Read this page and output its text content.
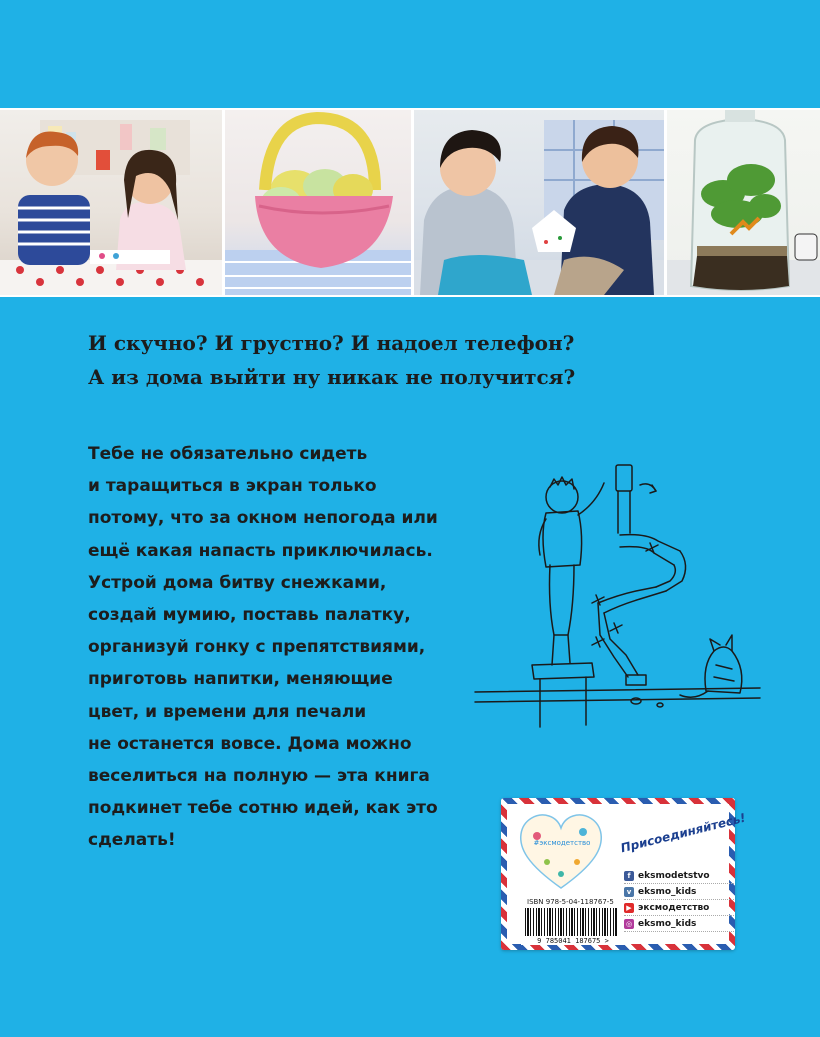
И скучно? И грустно? И надоел телефон?
А из дома выйти ну никак не получится?
Тебе не обязательно сидеть
и таращиться в экран только
потому, что за окном непогода или
ещё какая напасть приключилась.
Устрой дома битву снежками,
создай мумию, поставь палатку,
организуй гонку с препятствиями,
приготовь напитки, меняющие
цвет, и времени для печали
не останется вовсе. Дома можно
веселиться на полную — эта книга
подкинет тебе сотню идей, как это
сделать!	#эксмодетство	Присоединяйтесь!
f eksmodetstvo
v eksmo_kids
▶ эксмодетство
◎ eksmo_kids
ISBN 978-5-04-118767-5
9 785041 187675 >
